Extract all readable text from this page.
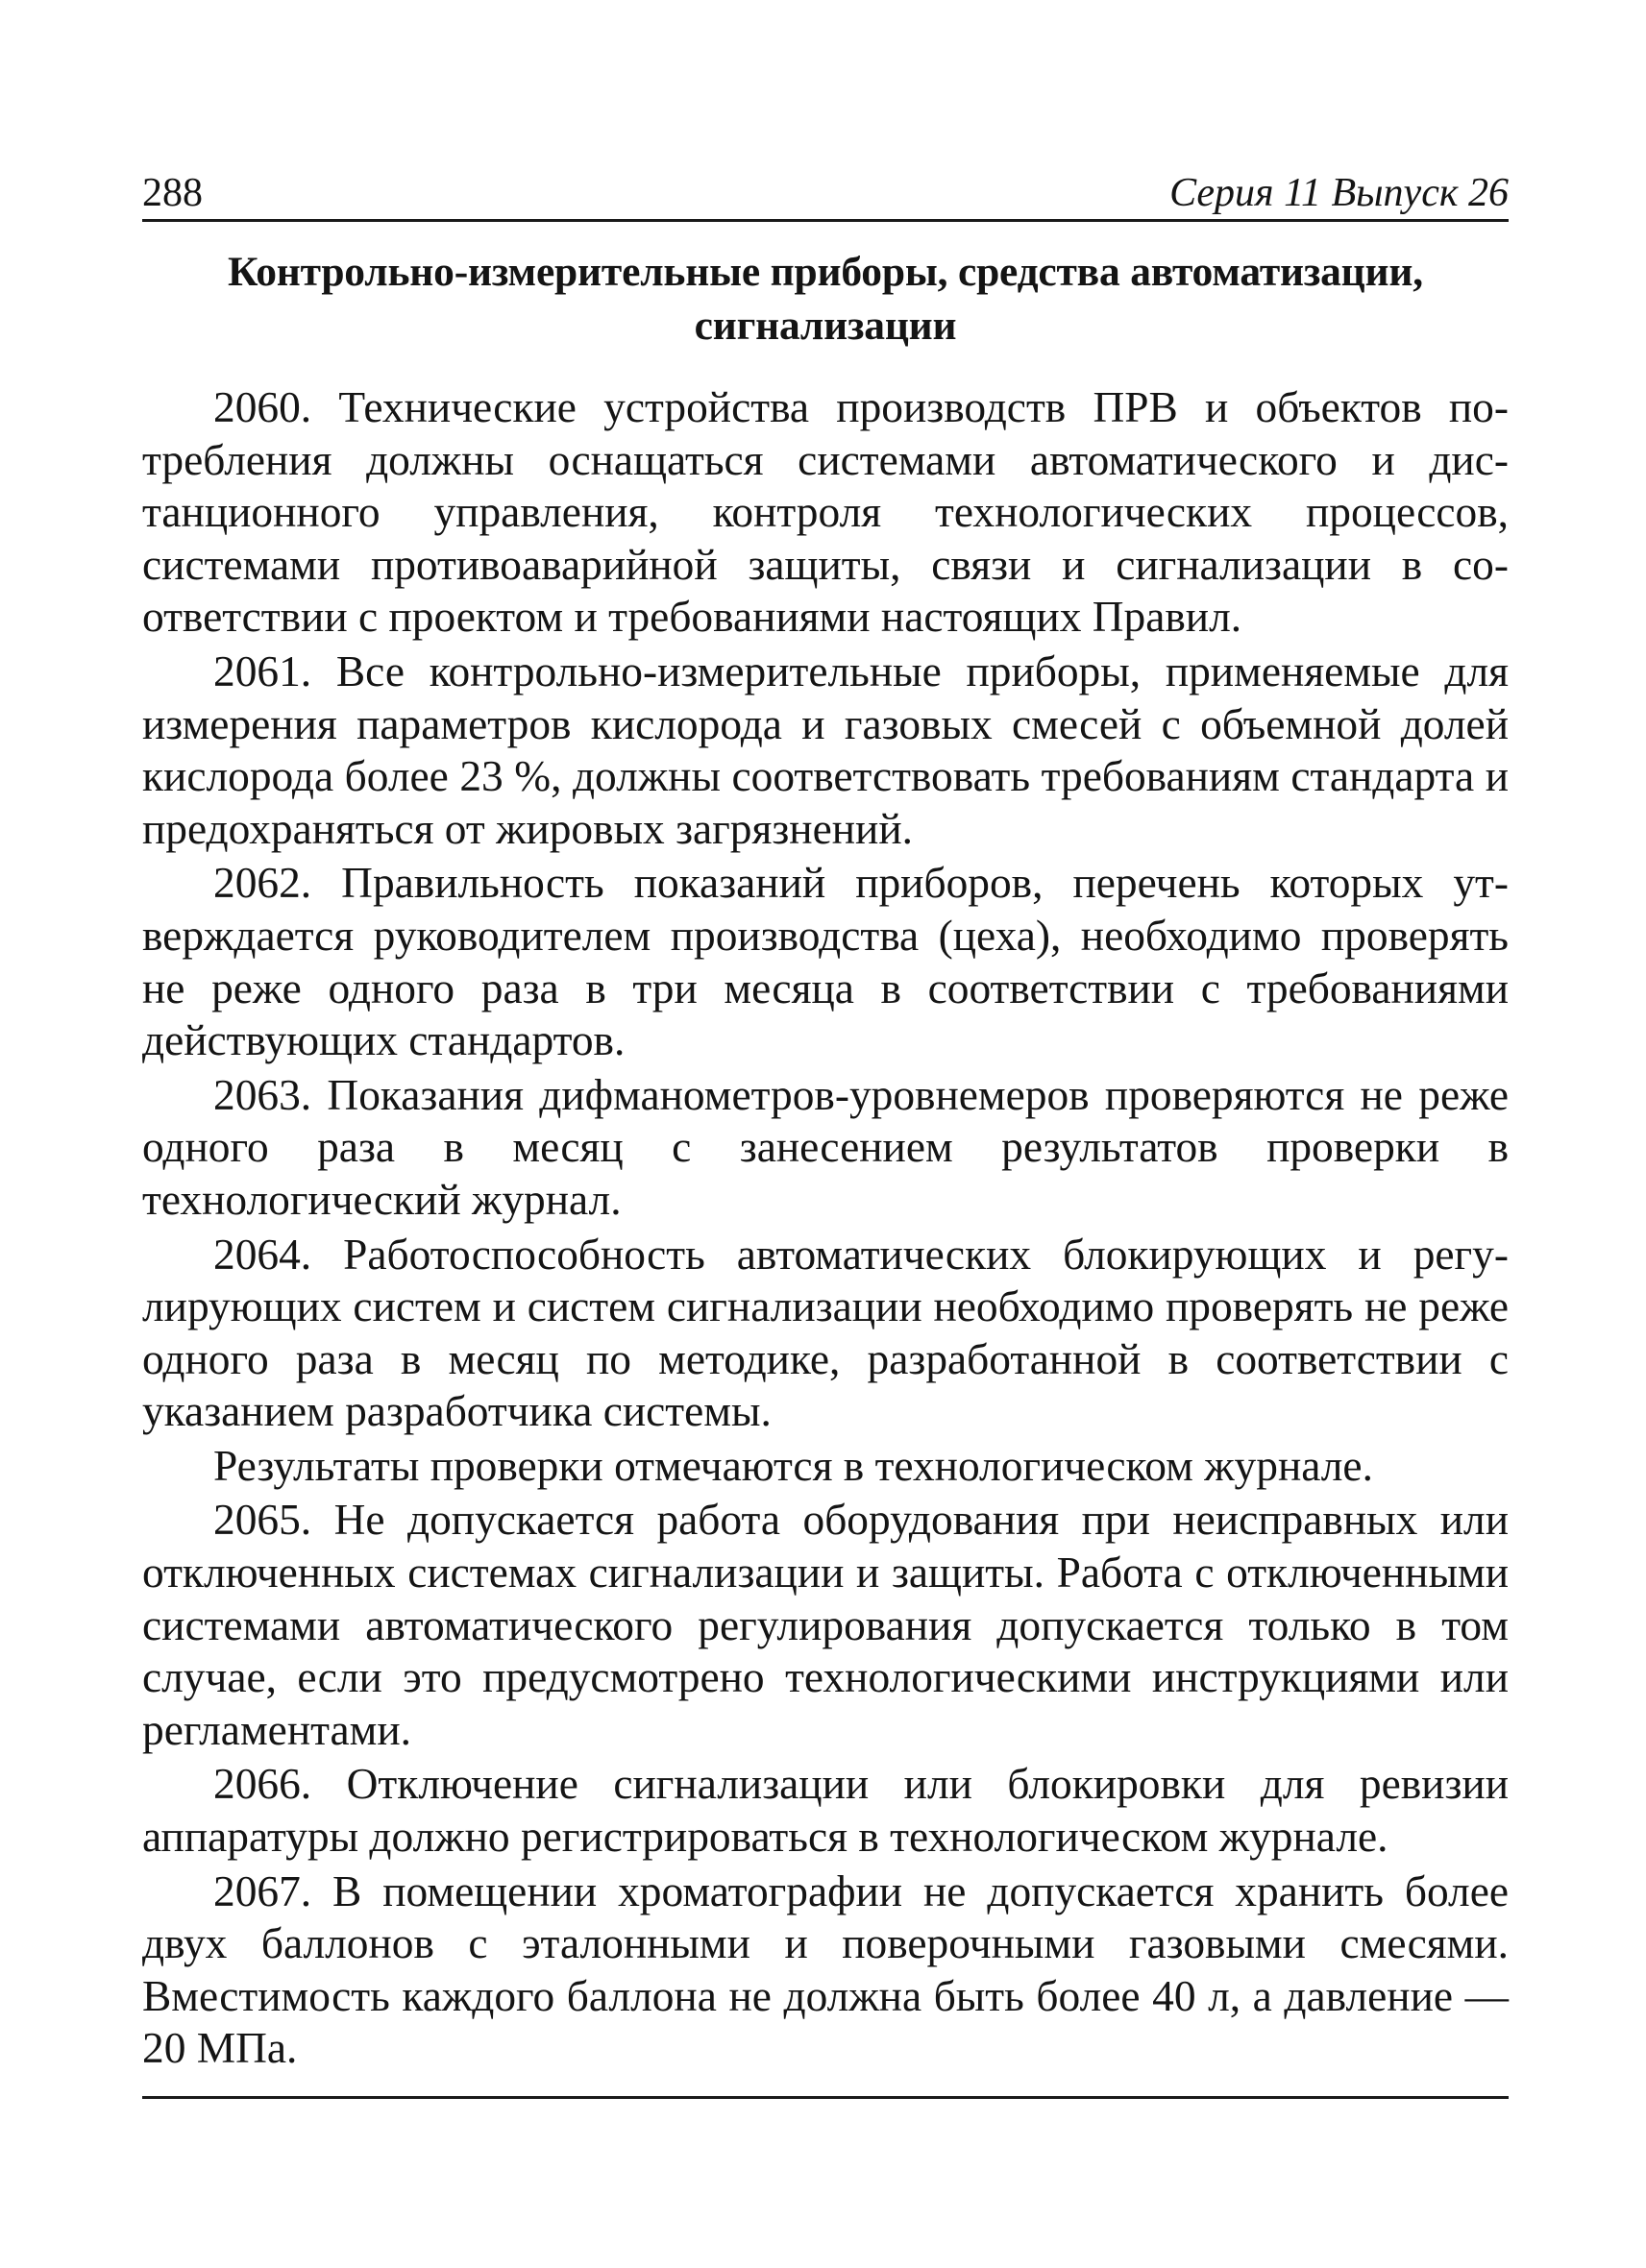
288	Серия 11 Выпуск 26
Контрольно-измерительные приборы, средства автоматизации, сигнализации

2060. Технические устройства производств ПРВ и объектов потребления должны оснащаться системами автоматического и дистанционного управления, контроля технологических процессов, системами противоаварийной защиты, связи и сигнализации в соответствии с проектом и требованиями настоящих Правил.

2061. Все контрольно-измерительные приборы, применяемые для измерения параметров кислорода и газовых смесей с объемной долей кислорода более 23 %, должны соответствовать требованиям стандарта и предохраняться от жировых загрязнений.

2062. Правильность показаний приборов, перечень которых утверждается руководителем производства (цеха), необходимо проверять не реже одного раза в три месяца в соответствии с требованиями действующих стандартов.

2063. Показания дифманометров-уровнемеров проверяются не реже одного раза в месяц с занесением результатов проверки в технологический журнал.

2064. Работоспособность автоматических блокирующих и регулирующих систем и систем сигнализации необходимо проверять не реже одного раза в месяц по методике, разработанной в соответствии с указанием разработчика системы.

Результаты проверки отмечаются в технологическом журнале.

2065. Не допускается работа оборудования при неисправных или отключенных системах сигнализации и защиты. Работа с отключенными системами автоматического регулирования допускается только в том случае, если это предусмотрено технологическими инструкциями или регламентами.

2066. Отключение сигнализации или блокировки для ревизии аппаратуры должно регистрироваться в технологическом журнале.

2067. В помещении хроматографии не допускается хранить более двух баллонов с эталонными и поверочными газовыми смесями. Вместимость каждого баллона не должна быть более 40 л, а давление — 20 МПа.
